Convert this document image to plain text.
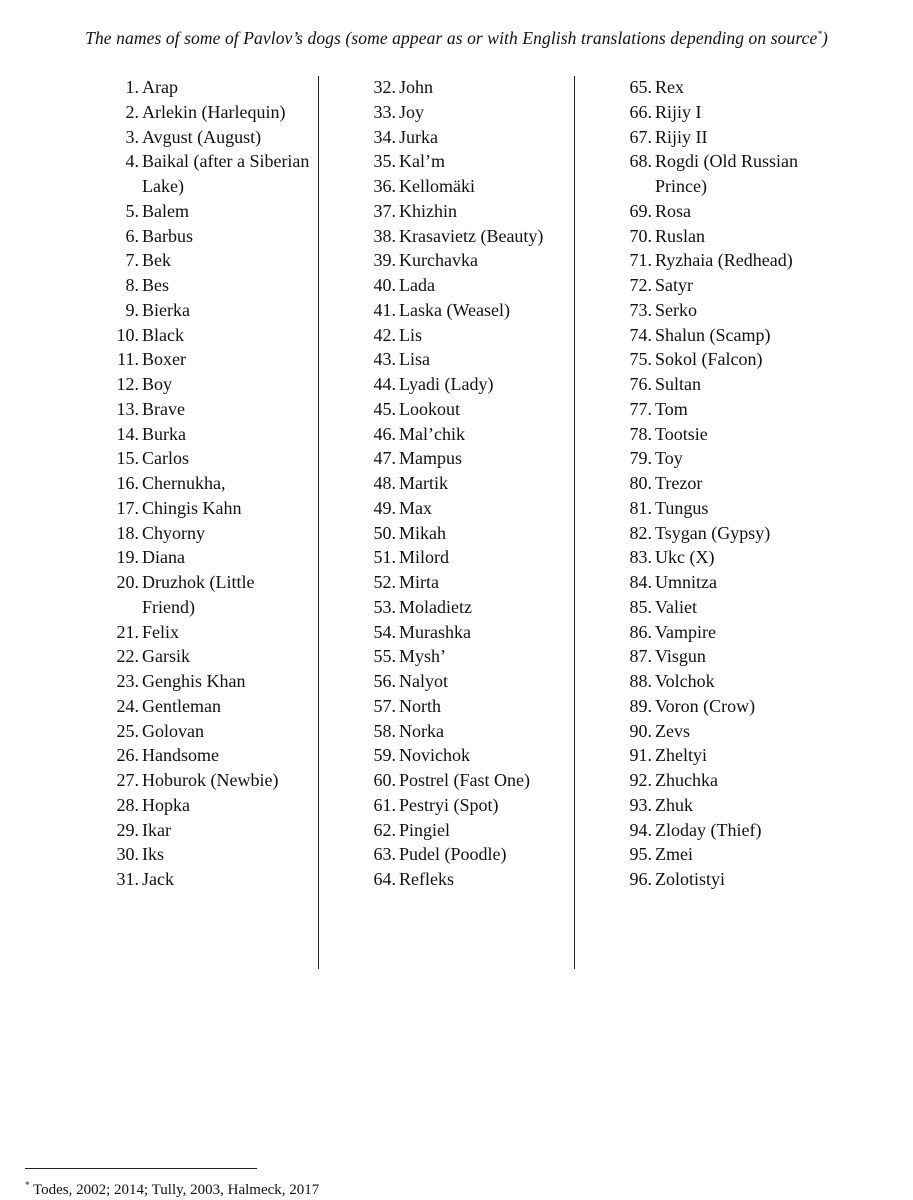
The names of some of Pavlov’s dogs (some appear as or with English translations depending on source*)
1. Arap
2. Arlekin (Harlequin)
3. Avgust (August)
4. Baikal (after a Siberian Lake)
5. Balem
6. Barbus
7. Bek
8. Bes
9. Bierka
10. Black
11. Boxer
12. Boy
13. Brave
14. Burka
15. Carlos
16. Chernukha,
17. Chingis Kahn
18. Chyorny
19. Diana
20. Druzhok (Little Friend)
21. Felix
22. Garsik
23. Genghis Khan
24. Gentleman
25. Golovan
26. Handsome
27. Hoburok (Newbie)
28. Hopka
29. Ikar
30. Iks
31. Jack
32. John
33. Joy
34. Jurka
35. Kal’m
36. Kellomäki
37. Khizhin
38. Krasavietz (Beauty)
39. Kurchavka
40. Lada
41. Laska (Weasel)
42. Lis
43. Lisa
44. Lyadi (Lady)
45. Lookout
46. Mal’chik
47. Mampus
48. Martik
49. Max
50. Mikah
51. Milord
52. Mirta
53. Moladietz
54. Murashka
55. Mysh’
56. Nalyot
57. North
58. Norka
59. Novichok
60. Postrel (Fast One)
61. Pestryi (Spot)
62. Pingiel
63. Pudel (Poodle)
64. Refleks
65. Rex
66. Rijiy I
67. Rijiy II
68. Rogdi (Old Russian Prince)
69. Rosa
70. Ruslan
71. Ryzhaia (Redhead)
72. Satyr
73. Serko
74. Shalun (Scamp)
75. Sokol (Falcon)
76. Sultan
77. Tom
78. Tootsie
79. Toy
80. Trezor
81. Tungus
82. Tsygan (Gypsy)
83. Ukc (X)
84. Umnitza
85. Valiet
86. Vampire
87. Visgun
88. Volchok
89. Voron (Crow)
90. Zevs
91. Zheltyi
92. Zhuchka
93. Zhuk
94. Zloday (Thief)
95. Zmei
96. Zolotistyi
* Todes, 2002; 2014; Tully, 2003, Halmeck, 2017
